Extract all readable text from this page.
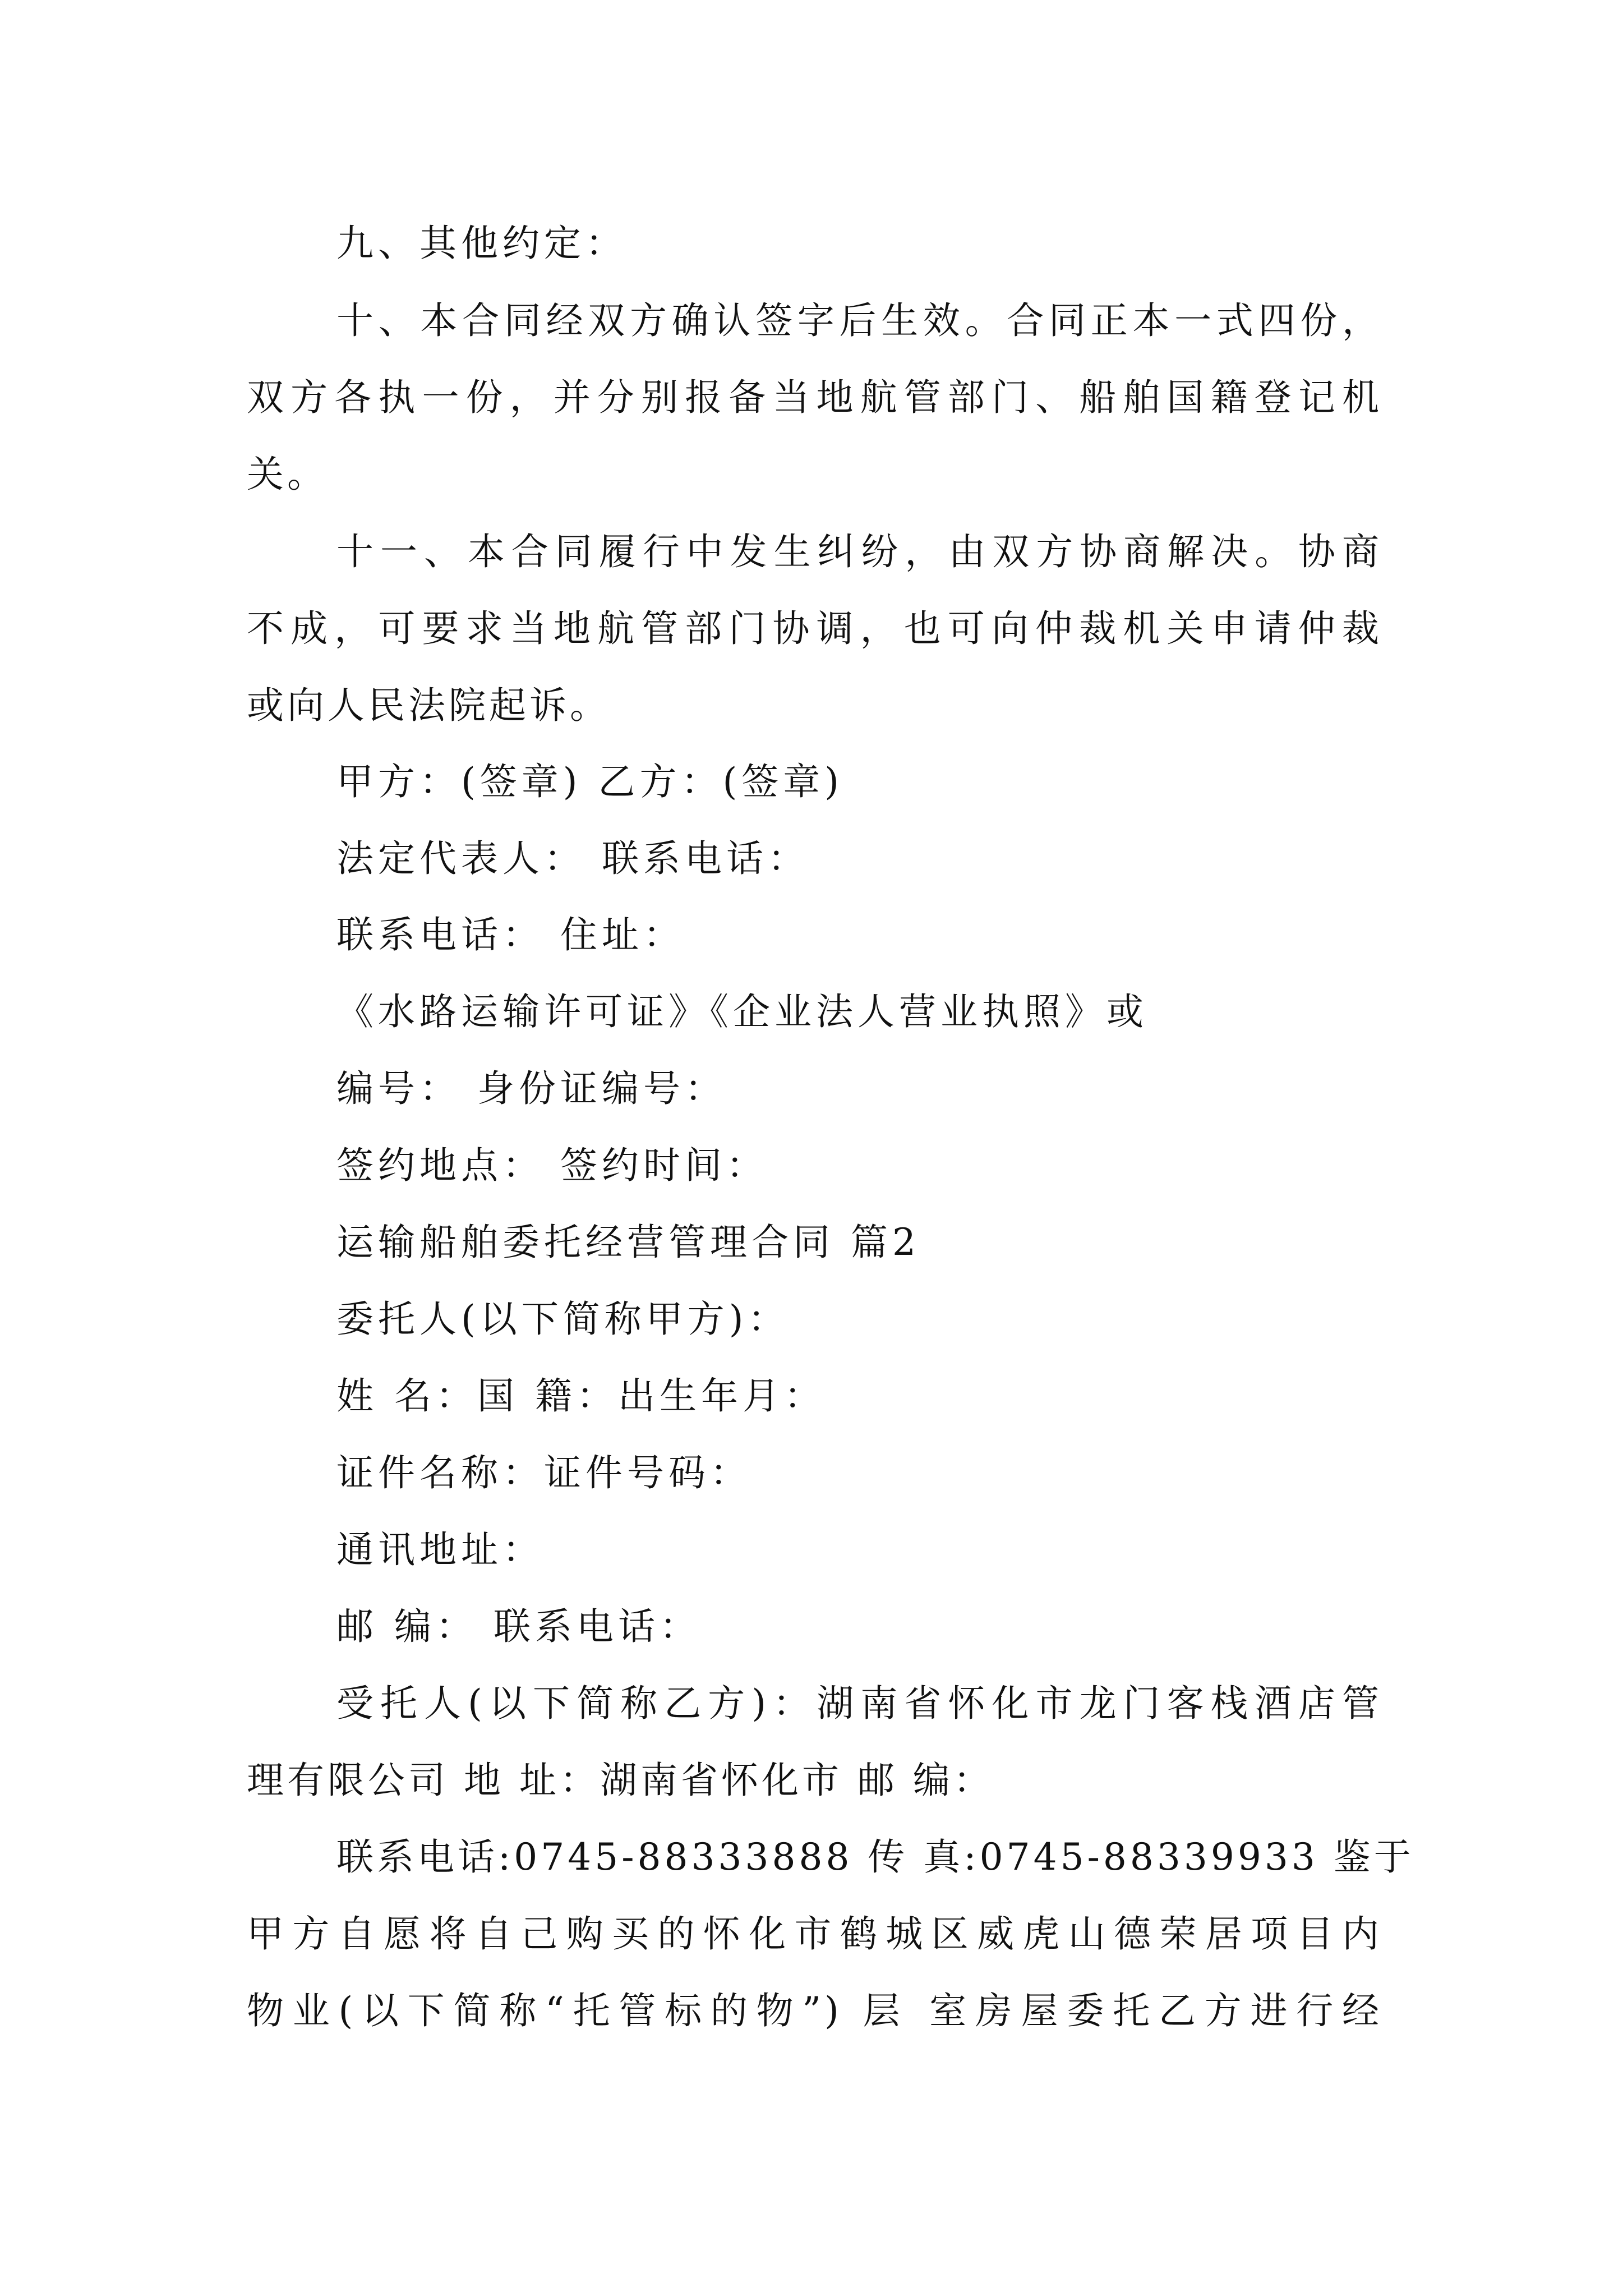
九、其他约定：

十、本合同经双方确认签字后生效。合同正本一式四份，
双方各执一份，并分别报备当地航管部门、船舶国籍登记机
关。
十一、本合同履行中发生纠纷，由双方协商解决。协商
不成，可要求当地航管部门协调，也可向仲裁机关申请仲裁
或向人民法院起诉。

甲方：(签章) 乙方：(签章)

法定代表人： 联系电话：

联系电话： 住址：

《水路运输许可证》《企业法人营业执照》或

编号： 身份证编号：

签约地点： 签约时间：

运输船舶委托经营管理合同 篇2

委托人(以下简称甲方)：

姓 名：国 籍：出生年月：

证件名称：证件号码：

通讯地址：

邮 编： 联系电话：

受托人(以下简称乙方)：湖南省怀化市龙门客栈酒店管
理有限公司 地 址：湖南省怀化市 邮 编：
联系电话:0745-88333888 传 真:0745-88339933 鉴于
甲方自愿将自己购买的怀化市鹤城区威虎山德荣居项目内
物业(以下简称“托管标的物”) 层 室房屋委托乙方进行经
